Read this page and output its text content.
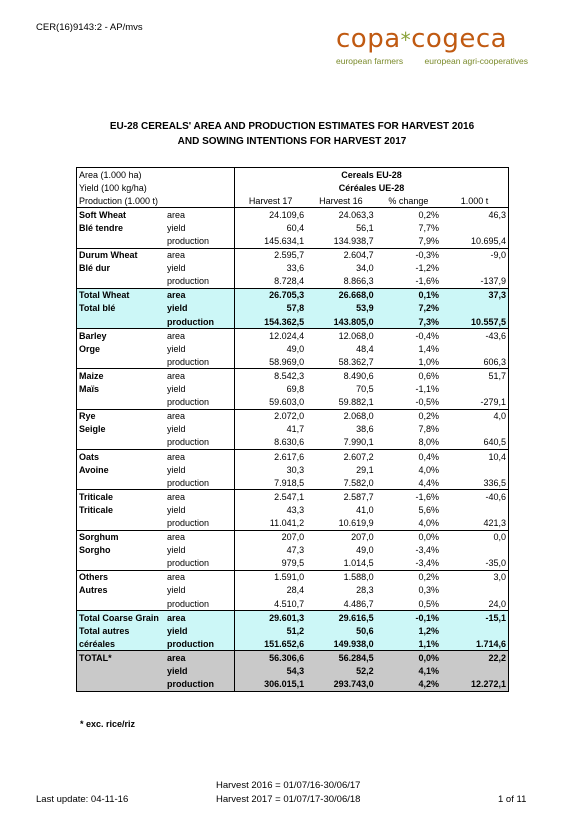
CER(16)9143:2 - AP/mvs	copa*cogeca
european farmers	european agri-cooperatives
EU-28 CEREALS' AREA AND PRODUCTION ESTIMATES FOR HARVEST 2016
AND SOWING INTENTIONS FOR HARVEST 2017
Area (1.000 ha)		Cereals EU-28			
Yield (100 kg/ha)		Céréales UE-28			
Production (1.000 t)		Harvest 17	Harvest 16	% change	1.000 t
Soft Wheat	area	24.109,6	24.063,3	0,2%	46,3
Blé tendre	yield	60,4	56,1	7,7%	
	production	145.634,1	134.938,7	7,9%	10.695,4
Durum Wheat	area	2.595,7	2.604,7	-0,3%	-9,0
Blé dur	yield	33,6	34,0	-1,2%	
	production	8.728,4	8.866,3	-1,6%	-137,9
Total Wheat	area	26.705,3	26.668,0	0,1%	37,3
Total blé	yield	57,8	53,9	7,2%	
	production	154.362,5	143.805,0	7,3%	10.557,5
Barley	area	12.024,4	12.068,0	-0,4%	-43,6
Orge	yield	49,0	48,4	1,4%	
	production	58.969,0	58.362,7	1,0%	606,3
Maize	area	8.542,3	8.490,6	0,6%	51,7
Maïs	yield	69,8	70,5	-1,1%	
	production	59.603,0	59.882,1	-0,5%	-279,1
Rye	area	2.072,0	2.068,0	0,2%	4,0
Seigle	yield	41,7	38,6	7,8%	
	production	8.630,6	7.990,1	8,0%	640,5
Oats	area	2.617,6	2.607,2	0,4%	10,4
Avoine	yield	30,3	29,1	4,0%	
	production	7.918,5	7.582,0	4,4%	336,5
Triticale	area	2.547,1	2.587,7	-1,6%	-40,6
Triticale	yield	43,3	41,0	5,6%	
	production	11.041,2	10.619,9	4,0%	421,3
Sorghum	area	207,0	207,0	0,0%	0,0
Sorgho	yield	47,3	49,0	-3,4%	
	production	979,5	1.014,5	-3,4%	-35,0
Others	area	1.591,0	1.588,0	0,2%	3,0
Autres	yield	28,4	28,3	0,3%	
	production	4.510,7	4.486,7	0,5%	24,0
Total Coarse Grain	area	29.601,3	29.616,5	-0,1%	-15,1
Total autres	yield	51,2	50,6	1,2%	
céréales	production	151.652,6	149.938,0	1,1%	1.714,6
TOTAL*	area	56.306,6	56.284,5	0,0%	22,2
	yield	54,3	52,2	4,1%	
	production	306.015,1	293.743,0	4,2%	12.272,1
* exc. rice/riz
Last update: 04-11-16
Harvest 2016 = 01/07/16-30/06/17
Harvest 2017 = 01/07/17-30/06/18	1 of 11
